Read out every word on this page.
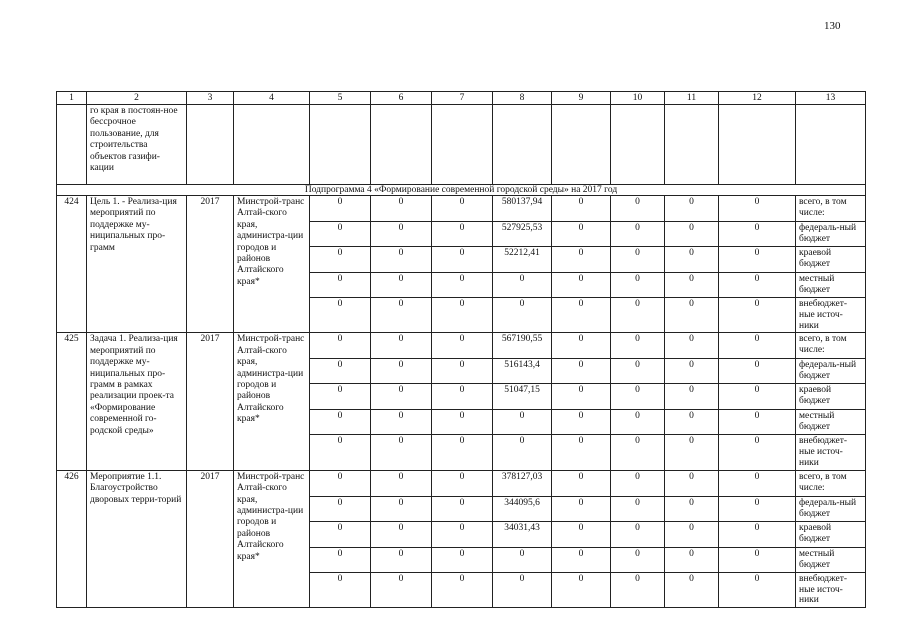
130
1	2	3	4	5	6	7	8	9	10	11	12	13
	го края в постоян-ное бессрочное пользование, для строительства объектов газифи-кации											
Подпрограмма 4 «Формирование современной городской среды» на 2017 год												
424	Цель 1. - Реализа-ция мероприятий по поддержке му-ниципальных про-грамм	2017	Минстрой-транс Алтай-ского края, администра-ции городов и районов Алтайского края*	0	0	0	580137,94	0	0	0	0	всего, в том числе:
				0	0	0	527925,53	0	0	0	0	федераль-ный бюджет
				0	0	0	52212,41	0	0	0	0	краевой бюджет
				0	0	0	0	0	0	0	0	местный бюджет
				0	0	0	0	0	0	0	0	внебюджет-ные источ-ники
425	Задача 1. Реализа-ция мероприятий по поддержке му-ниципальных про-грамм в рамках реализации проек-та «Формирование современной го-родской среды»	2017	Минстрой-транс Алтай-ского края, администра-ции городов и районов Алтайского края*	0	0	0	567190,55	0	0	0	0	всего, в том числе:
				0	0	0	516143,4	0	0	0	0	федераль-ный бюджет
				0	0	0	51047,15	0	0	0	0	краевой бюджет
				0	0	0	0	0	0	0	0	местный бюджет
				0	0	0	0	0	0	0	0	внебюджет-ные источ-ники
426	Мероприятие 1.1. Благоустройство дворовых терри-торий	2017	Минстрой-транс Алтай-ского края, администра-ции городов и районов Алтайского края*	0	0	0	378127,03	0	0	0	0	всего, в том числе:
				0	0	0	344095,6	0	0	0	0	федераль-ный бюджет
				0	0	0	34031,43	0	0	0	0	краевой бюджет
				0	0	0	0	0	0	0	0	местный бюджет
				0	0	0	0	0	0	0	0	внебюджет-ные источ-ники
